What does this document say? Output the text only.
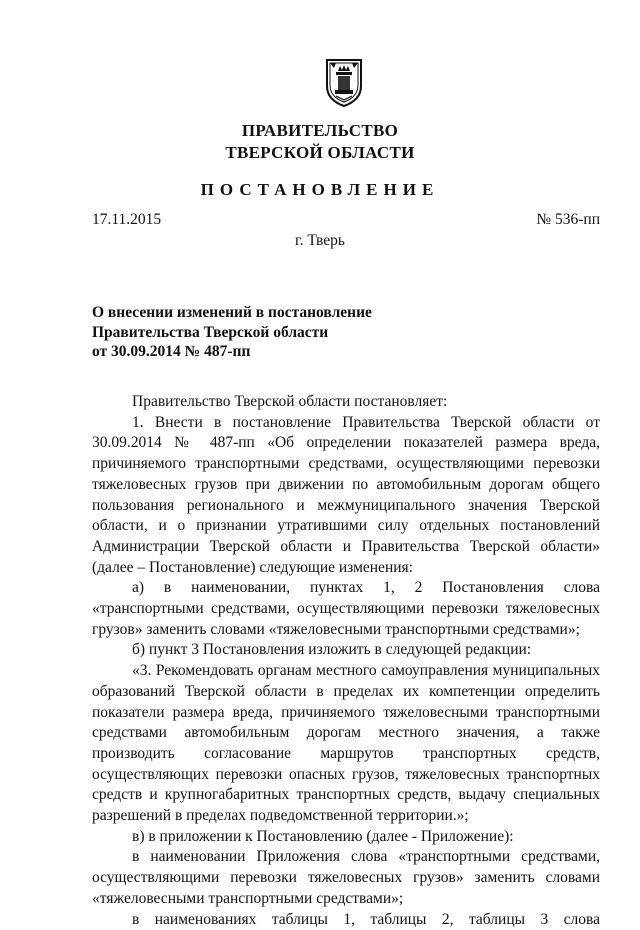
ПРАВИТЕЛЬСТВО
ТВЕРСКОЙ ОБЛАСТИ
ПОСТАНОВЛЕНИЕ
17.11.2015	№ 536-пп
г. Тверь
О внесении изменений в постановление
Правительства Тверской области
от 30.09.2014 № 487-пп

Правительство Тверской области постановляет:

1. Внести в постановление Правительства Тверской области от 30.09.2014 № 487-пп «Об определении показателей размера вреда, причиняемого транспортными средствами, осуществляющими перевозки тяжеловесных грузов при движении по автомобильным дорогам общего пользования регионального и межмуниципального значения Тверской области, и о признании утратившими силу отдельных постановлений Администрации Тверской области и Правительства Тверской области» (далее – Постановление) следующие изменения:

а) в наименовании, пунктах 1, 2 Постановления слова «транспортными средствами, осуществляющими перевозки тяжеловесных грузов» заменить словами «тяжеловесными транспортными средствами»;

б) пункт 3 Постановления изложить в следующей редакции:

«3. Рекомендовать органам местного самоуправления муниципальных образований Тверской области в пределах их компетенции определить показатели размера вреда, причиняемого тяжеловесными транспортными средствами автомобильным дорогам местного значения, а также производить согласование маршрутов транспортных средств, осуществляющих перевозки опасных грузов, тяжеловесных транспортных средств и крупногабаритных транспортных средств, выдачу специальных разрешений в пределах подведомственной территории.»;

в) в приложении к Постановлению (далее - Приложение):

в наименовании Приложения слова «транспортными средствами, осуществляющими перевозки тяжеловесных грузов» заменить словами «тяжеловесными транспортными средствами»;

в наименованиях таблицы 1, таблицы 2, таблицы 3 слова
